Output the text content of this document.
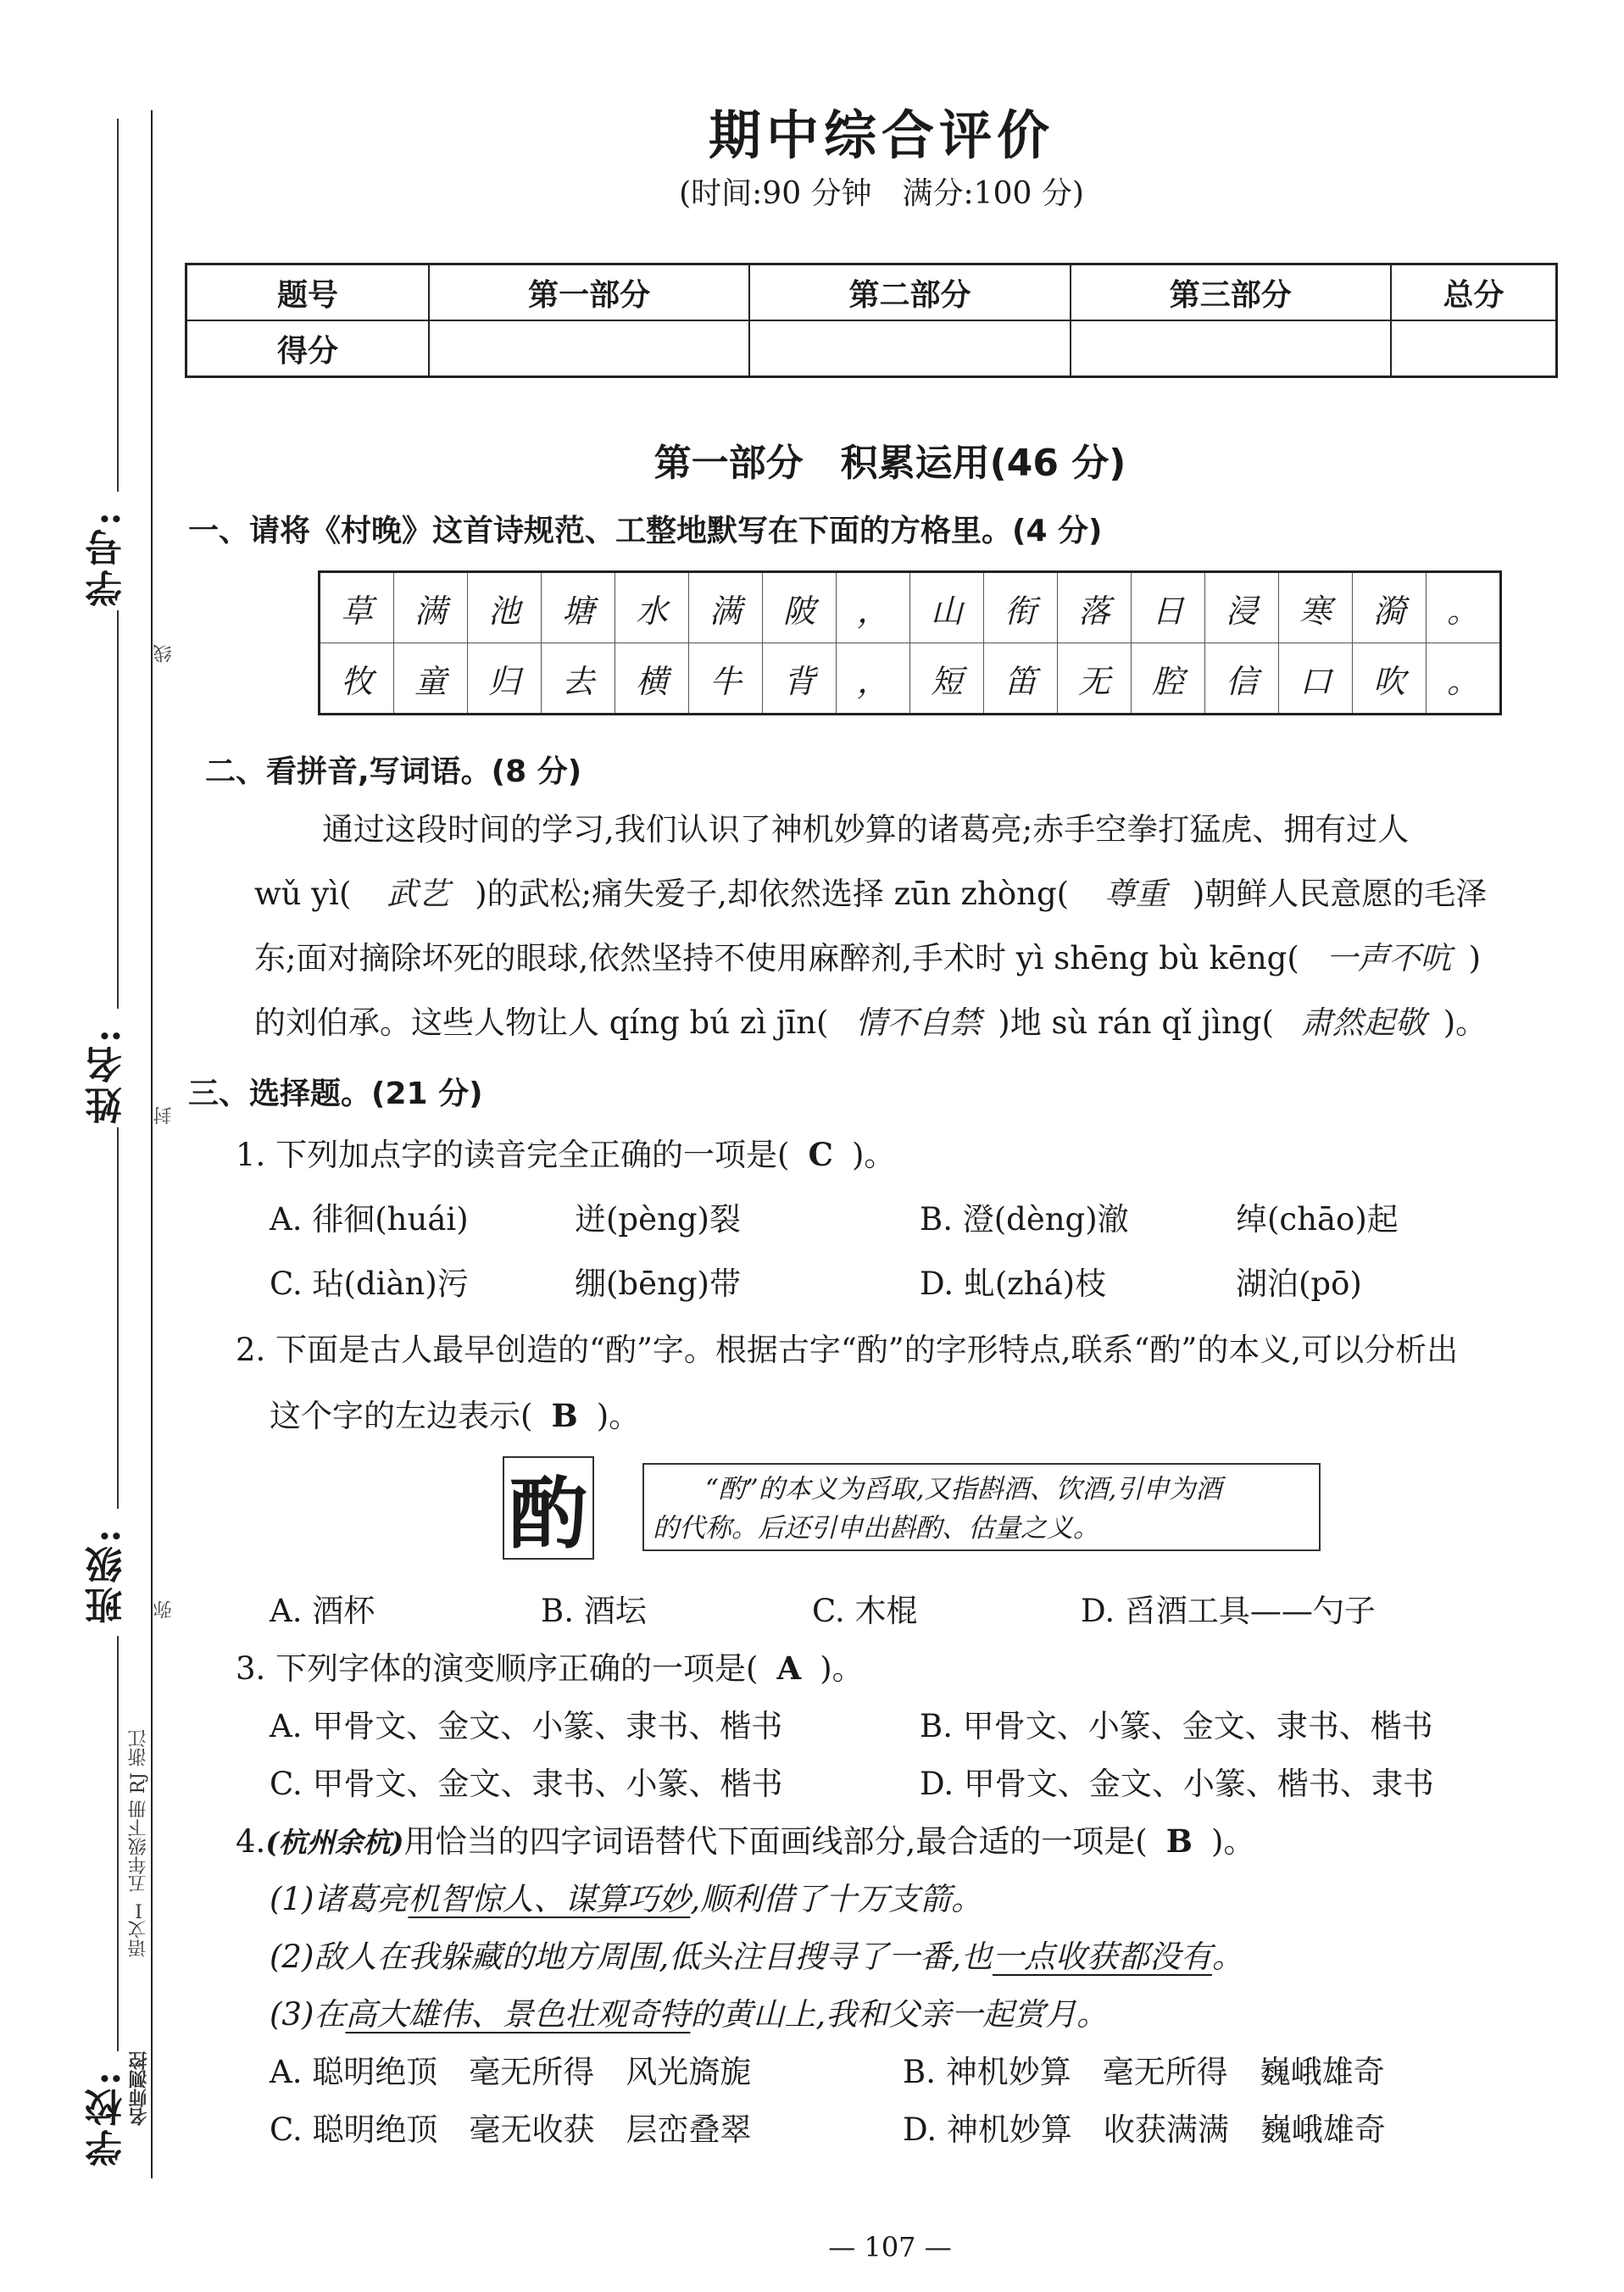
学号:
姓名:
班级:
学校:
线
封
弥
名师测控
语文Ⅰ 五年级下册 RJ 浙江
期中综合评价
(时间:90 分钟　满分:100 分)
题号	第一部分	第二部分	第三部分	总分
得分				
第一部分　积累运用(46 分)
一、请将《村晚》这首诗规范、工整地默写在下面的方格里。(4 分)
草	满	池	塘	水	满	陂	，	山	衔	落	日	浸	寒	漪	。
牧	童	归	去	横	牛	背	，	短	笛	无	腔	信	口	吹	。
二、看拼音,写词语。(8 分)
通过这段时间的学习,我们认识了神机妙算的诸葛亮;赤手空拳打猛虎、拥有过人
wǔ yì( 武艺 )的武松;痛失爱子,却依然选择 zūn zhòng( 尊重 )朝鲜人民意愿的毛泽
东;面对摘除坏死的眼球,依然坚持不使用麻醉剂,手术时 yì shēng bù kēng( 一声不吭 )
的刘伯承。这些人物让人 qíng bú zì jīn( 情不自禁 )地 sù rán qǐ jìng( 肃然起敬 )。
三、选择题。(21 分)
1. 下列加点字的读音完全正确的一项是( C )。
A. 徘徊(huái)	迸(pèng)裂	B. 澄(dèng)澈	绰(chāo)起
C. 玷(diàn)污	绷(bēng)带	D. 虬(zhá)枝	湖泊(pō)
2. 下面是古人最早创造的“酌”字。根据古字“酌”的字形特点,联系“酌”的本义,可以分析出
这个字的左边表示( B )。
酌	“酌”的本义为舀取,又指斟酒、饮酒,引申为酒
的代称。后还引申出斟酌、估量之义。
A. 酒杯	B. 酒坛	C. 木棍	D. 舀酒工具——勺子
3. 下列字体的演变顺序正确的一项是( A )。
A. 甲骨文、金文、小篆、隶书、楷书	B. 甲骨文、小篆、金文、隶书、楷书
C. 甲骨文、金文、隶书、小篆、楷书	D. 甲骨文、金文、小篆、楷书、隶书
4.(杭州余杭)用恰当的四字词语替代下面画线部分,最合适的一项是( B )。
(1)诸葛亮机智惊人、谋算巧妙,顺利借了十万支箭。
(2)敌人在我躲藏的地方周围,低头注目搜寻了一番,也一点收获都没有。
(3)在高大雄伟、景色壮观奇特的黄山上,我和父亲一起赏月。
A. 聪明绝顶　毫无所得　风光旖旎	B. 神机妙算　毫无所得　巍峨雄奇
C. 聪明绝顶　毫无收获　层峦叠翠	D. 神机妙算　收获满满　巍峨雄奇
— 107 —
